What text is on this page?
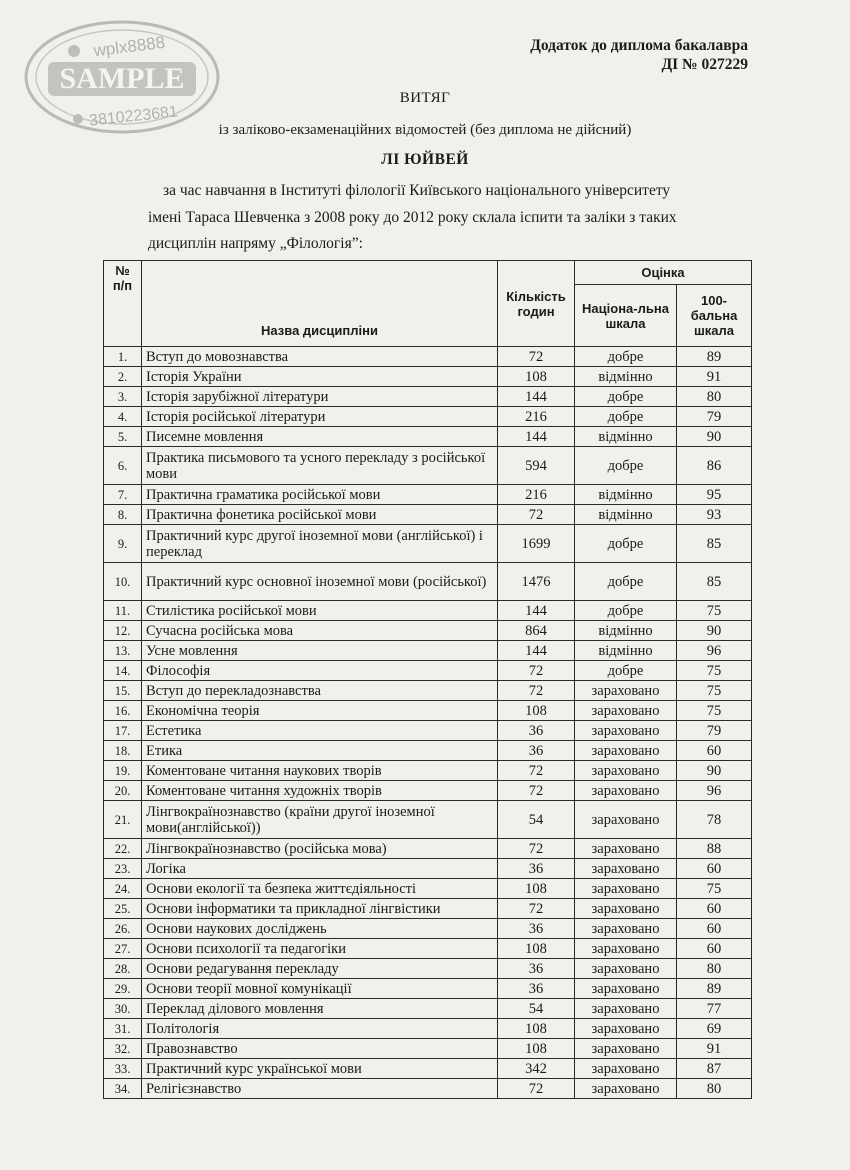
SAMPLE
wplx8888
3810223681
Додаток до диплома бакалавра
ДІ № 027229
ВИТЯГ
із заліково-екзаменаційних відомостей (без диплома не дійсний)
ЛІ ЮЙВЕЙ
за час навчання в Інституті філології Київського національного університету
імені Тараса Шевченка з 2008 року до 2012 року склала іспити та заліки з таких
дисциплін напряму „Філологія”:
№ п/п	Назва дисципліни	Кількість годин	Оцінка	
			Націона-льна шкала	100-бальна шкала
1.	Вступ до мовознавства	72	добре	89
2.	Історія України	108	відмінно	91
3.	Історія зарубіжної літератури	144	добре	80
4.	Історія російської літератури	216	добре	79
5.	Писемне мовлення	144	відмінно	90
6.	Практика письмового та усного перекладу з російської мови	594	добре	86
7.	Практична граматика російської мови	216	відмінно	95
8.	Практична фонетика російської мови	72	відмінно	93
9.	Практичний курс другої іноземної мови (англійської) і переклад	1699	добре	85
10.	Практичний курс основної іноземної мови (російської)	1476	добре	85
11.	Стилістика російської мови	144	добре	75
12.	Сучасна російська мова	864	відмінно	90
13.	Усне мовлення	144	відмінно	96
14.	Філософія	72	добре	75
15.	Вступ до перекладознавства	72	зараховано	75
16.	Економічна теорія	108	зараховано	75
17.	Естетика	36	зараховано	79
18.	Етика	36	зараховано	60
19.	Коментоване читання наукових творів	72	зараховано	90
20.	Коментоване читання художніх творів	72	зараховано	96
21.	Лінгвокраїнознавство (країни другої іноземної мови(англійської))	54	зараховано	78
22.	Лінгвокраїнознавство (російська мова)	72	зараховано	88
23.	Логіка	36	зараховано	60
24.	Основи екології та безпека життєдіяльності	108	зараховано	75
25.	Основи інформатики та прикладної лінгвістики	72	зараховано	60
26.	Основи наукових досліджень	36	зараховано	60
27.	Основи психології та педагогіки	108	зараховано	60
28.	Основи редагування перекладу	36	зараховано	80
29.	Основи теорії мовної комунікації	36	зараховано	89
30.	Переклад ділового мовлення	54	зараховано	77
31.	Політологія	108	зараховано	69
32.	Правознавство	108	зараховано	91
33.	Практичний курс української мови	342	зараховано	87
34.	Релігієзнавство	72	зараховано	80
